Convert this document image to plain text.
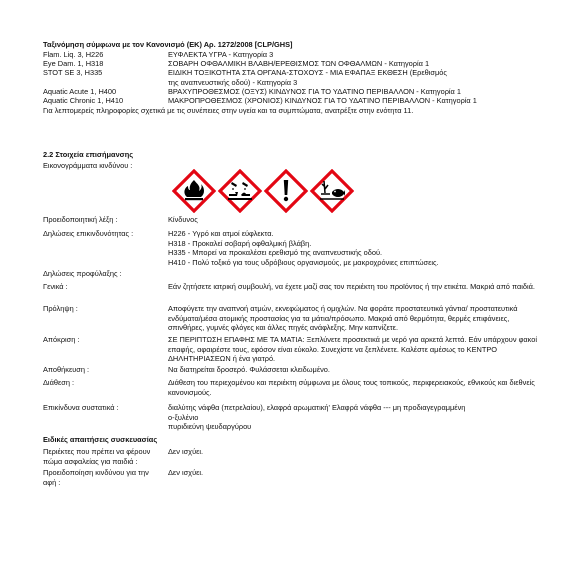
Ταξινόμηση σύμφωνα με τον Κανονισμό (ΕΚ) Αρ. 1272/2008 [CLP/GHS]
Flam. Liq. 3, H226	ΕΥΦΛΕΚΤΑ ΥΓΡΑ - Κατηγορία 3
Eye Dam. 1, H318	ΣΟΒΑΡΗ ΟΦΘΑΛΜΙΚΗ ΒΛΑΒΗ/ΕΡΕΘΙΣΜΟΣ ΤΩΝ ΟΦΘΑΛΜΩΝ - Κατηγορία 1
STOT SE 3, H335	ΕΙΔΙΚΗ ΤΟΞΙΚΟΤΗΤΑ ΣΤΑ ΟΡΓΑΝΑ-ΣΤΟΧΟΥΣ - ΜΙΑ ΕΦΑΠΑΞ ΕΚΘΕΣΗ (Ερεθισμός της αναπνευστικής οδού) - Κατηγορία 3
Aquatic Acute 1, H400	ΒΡΑΧΥΠΡΟΘΕΣΜΟΣ (ΟΞΥΣ) ΚΙΝΔΥΝΟΣ ΓΙΑ ΤΟ ΥΔΑΤΙΝΟ ΠΕΡΙΒΑΛΛΟΝ - Κατηγορία 1
Aquatic Chronic 1, H410	ΜΑΚΡΟΠΡΟΘΕΣΜΟΣ (ΧΡΟΝΙΟΣ) ΚΙΝΔΥΝΟΣ ΓΙΑ ΤΟ ΥΔΑΤΙΝΟ ΠΕΡΙΒΑΛΛΟΝ - Κατηγορία 1
Για λεπτομερείς πληροφορίες σχετικά με τις συνέπειες στην υγεία και τα συμπτώματα, ανατρέξτε στην ενότητα 11.
2.2 Στοιχεία επισήμανσης
Εικονογράμματα κινδύνου :
Προειδοποιητική λέξη :	Κίνδυνος
Δηλώσεις επικινδυνότητας :	H226 - Υγρό και ατμοί εύφλεκτα.
H318 - Προκαλεί σοβαρή οφθαλμική βλάβη.
H335 - Μπορεί να προκαλέσει ερεθισμό της αναπνευστικής οδού.
H410 - Πολύ τοξικό για τους υδρόβιους οργανισμούς, με μακροχρόνιες επιπτώσεις.
Δηλώσεις προφύλαξης :
Γενικά :	Εάν ζητήσετε ιατρική συμβουλή, να έχετε μαζί σας τον περιέκτη του προϊόντος ή την ετικέτα. Μακριά από παιδιά.
Πρόληψη :	Αποφύγετε την αναπνοή ατμών, εκνεφώματος ή ομιχλών. Να φοράτε προστατευτικά γάντια/ προστατευτικά ενδύματα/μέσα ατομικής προστασίας για τα μάτια/πρόσωπο. Μακριά από θερμότητα, θερμές επιφάνειες, σπινθήρες, γυμνές φλόγες και άλλες πηγές ανάφλεξης. Μην καπνίζετε.
Απόκριση :	ΣΕ ΠΕΡΙΠΤΩΣΗ ΕΠΑΦΗΣ ΜΕ ΤΑ ΜΑΤΙΑ: Ξεπλύνετε προσεκτικά με νερό για αρκετά λεπτά. Εάν υπάρχουν φακοί επαφής, αφαιρέστε τους, εφόσον είναι εύκολο. Συνεχίστε να ξεπλένετε. Καλέστε αμέσως το ΚΕΝΤΡΟ ΔΗΛΗΤΗΡΙΑΣΕΩΝ ή ένα γιατρό.
Αποθήκευση :	Να διατηρείται δροσερό. Φυλάσσεται κλειδωμένο.
Διάθεση :	Διάθεση του περιεχομένου και περιέκτη σύμφωνα με όλους τους τοπικούς, περιφερειακούς, εθνικούς και διεθνείς κανονισμούς.
Επικίνδυνα συστατικά :	διαλύτης νάφθα (πετρελαίου), ελαφρά αρωματική' Ελαφρά νάφθα --- μη προδιαγεγραμμένη
ο-ξυλένιο
πυριδιεύνη ψευδαργύρου
Ειδικές απαιτήσεις συσκευασίας
Περιέκτες που πρέπει να φέρουν πώμα ασφαλείας για παιδιά :
Δεν ισχύει.
Προειδοποίηση κινδύνου για την αφή :
Δεν ισχύει.
